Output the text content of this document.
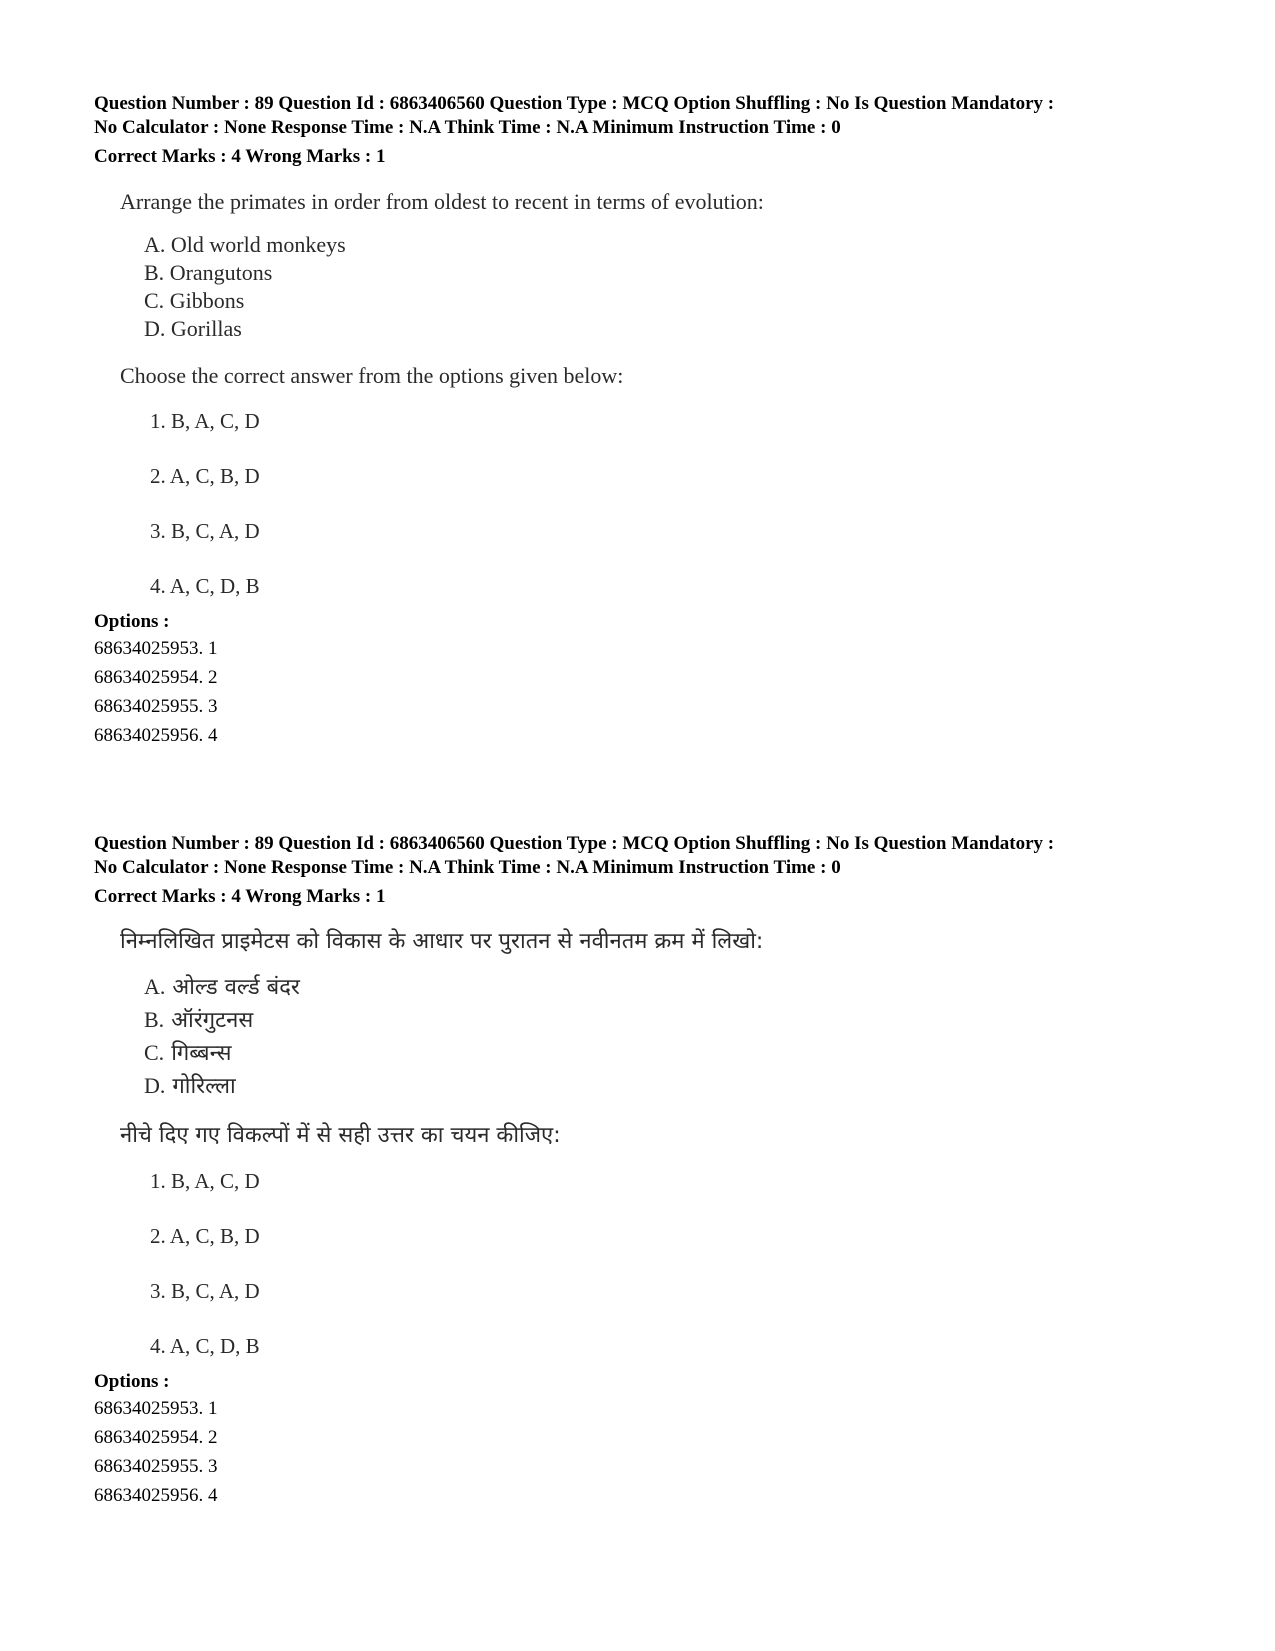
Question Number : 89 Question Id : 6863406560 Question Type : MCQ Option Shuffling : No Is Question Mandatory :
No Calculator : None Response Time : N.A Think Time : N.A Minimum Instruction Time : 0
Correct Marks : 4 Wrong Marks : 1
Arrange the primates in order from oldest to recent in terms of evolution:
A. Old world monkeys
B. Orangutons
C. Gibbons
D. Gorillas
Choose the correct answer from the options given below:
1. B, A, C, D
2. A, C, B, D
3. B, C, A, D
4. A, C, D, B
Options :
68634025953. 1
68634025954. 2
68634025955. 3
68634025956. 4
Question Number : 89 Question Id : 6863406560 Question Type : MCQ Option Shuffling : No Is Question Mandatory :
No Calculator : None Response Time : N.A Think Time : N.A Minimum Instruction Time : 0
Correct Marks : 4 Wrong Marks : 1
निम्नलिखित प्राइमेटस को विकास के आधार पर पुरातन से नवीनतम क्रम में लिखो:
A. ओल्ड वर्ल्ड बंदर
B. ऑरंगुटनस
C. गिब्बन्स
D. गोरिल्ला
नीचे दिए गए विकल्पों में से सही उत्तर का चयन कीजिए:
1. B, A, C, D
2. A, C, B, D
3. B, C, A, D
4. A, C, D, B
Options :
68634025953. 1
68634025954. 2
68634025955. 3
68634025956. 4
